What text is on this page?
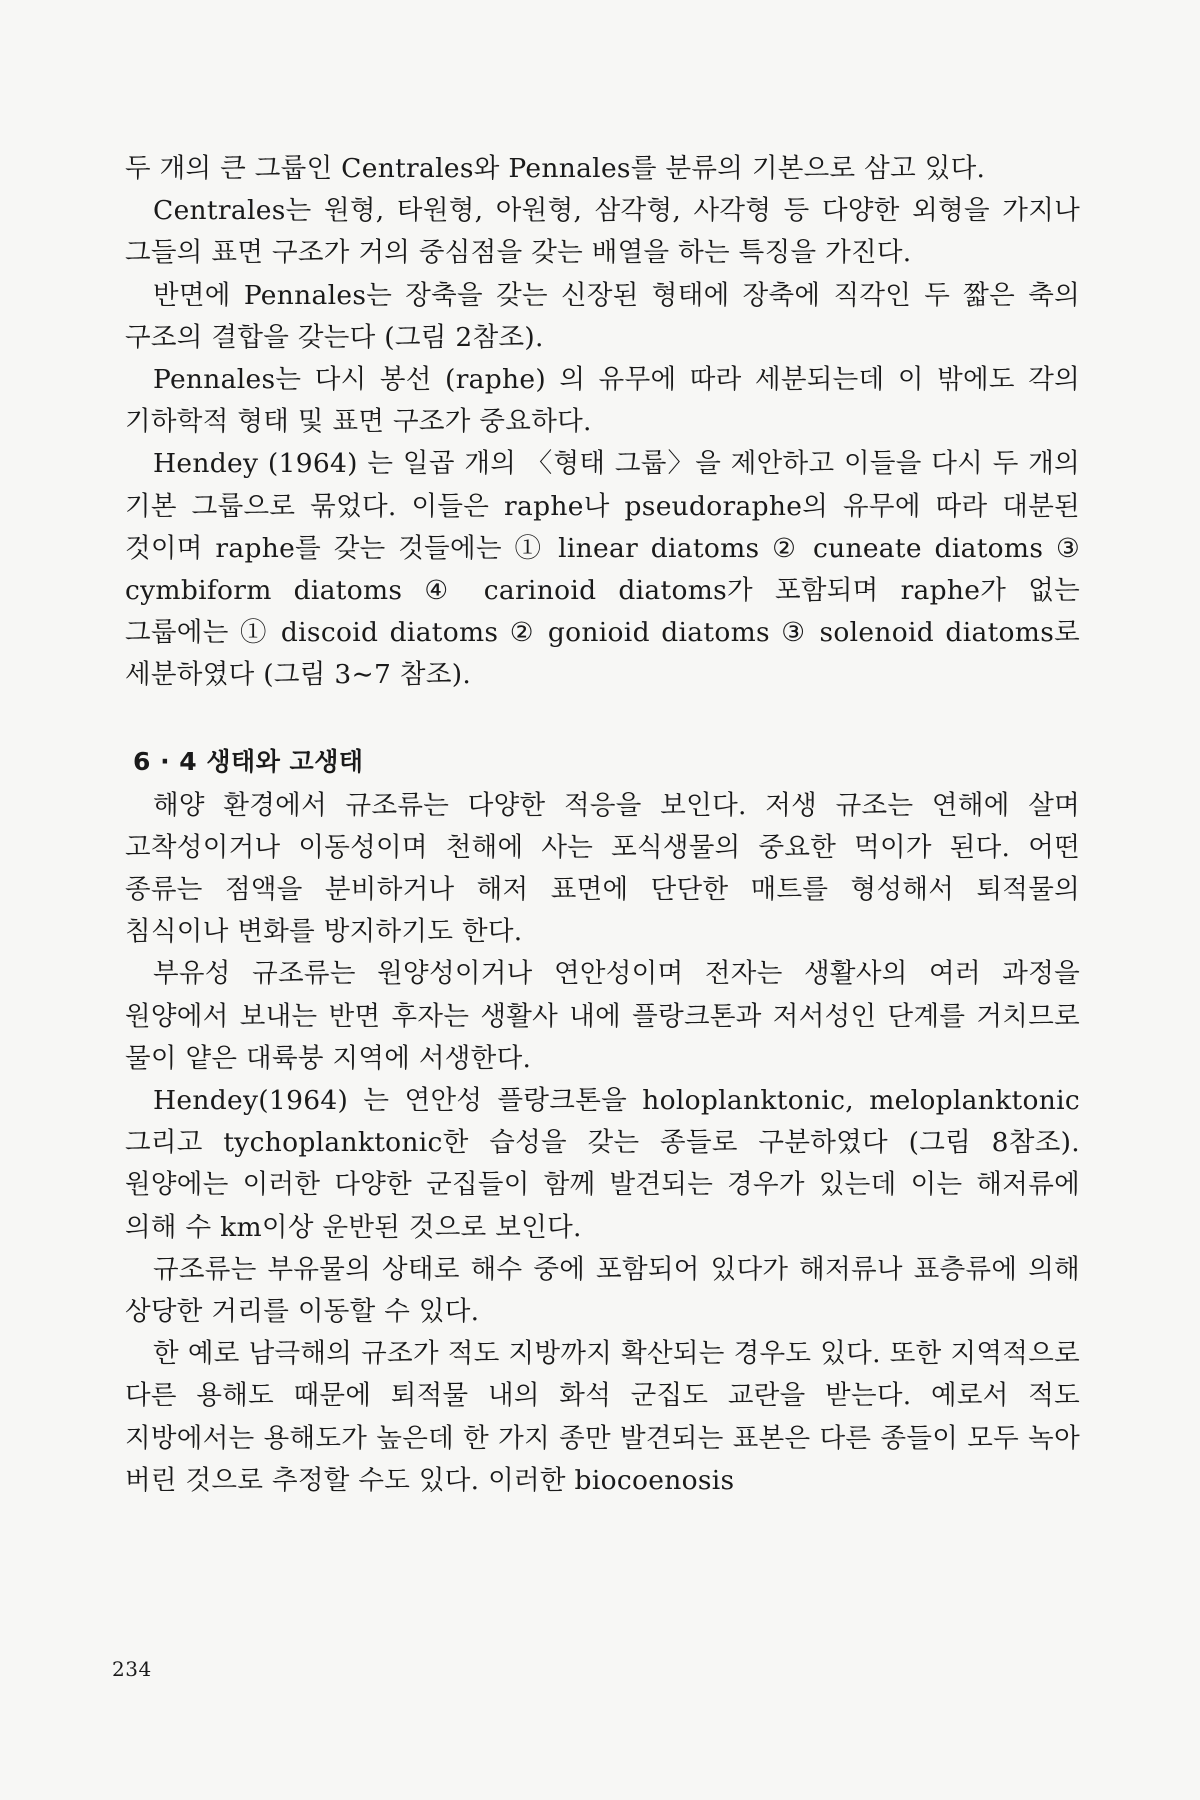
두 개의 큰 그룹인 Centrales와 Pennales를 분류의 기본으로 삼고 있다.

Centrales는 원형, 타원형, 아원형, 삼각형, 사각형 등 다양한 외형을 가지나 그들의 표면 구조가 거의 중심점을 갖는 배열을 하는 특징을 가진다.

반면에 Pennales는 장축을 갖는 신장된 형태에 장축에 직각인 두 짧은 축의 구조의 결합을 갖는다 (그림 2참조).

Pennales는 다시 봉선 (raphe) 의 유무에 따라 세분되는데 이 밖에도 각의 기하학적 형태 및 표면 구조가 중요하다.

Hendey (1964) 는 일곱 개의 〈형태 그룹〉을 제안하고 이들을 다시 두 개의 기본 그룹으로 묶었다. 이들은 raphe나 pseudoraphe의 유무에 따라 대분된 것이며 raphe를 갖는 것들에는 ① linear diatoms ② cuneate diatoms ③ cymbiform diatoms ④ carinoid diatoms가 포함되며 raphe가 없는 그룹에는 ① discoid diatoms ② gonioid diatoms ③ solenoid diatoms로 세분하였다 (그림 3∼7 참조).

6 · 4 생태와 고생태

해양 환경에서 규조류는 다양한 적응을 보인다. 저생 규조는 연해에 살며 고착성이거나 이동성이며 천해에 사는 포식생물의 중요한 먹이가 된다. 어떤 종류는 점액을 분비하거나 해저 표면에 단단한 매트를 형성해서 퇴적물의 침식이나 변화를 방지하기도 한다.

부유성 규조류는 원양성이거나 연안성이며 전자는 생활사의 여러 과정을 원양에서 보내는 반면 후자는 생활사 내에 플랑크톤과 저서성인 단계를 거치므로 물이 얕은 대륙붕 지역에 서생한다.

Hendey(1964) 는 연안성 플랑크톤을 holoplanktonic, meloplanktonic 그리고 tychoplanktonic한 습성을 갖는 종들로 구분하였다 (그림 8참조). 원양에는 이러한 다양한 군집들이 함께 발견되는 경우가 있는데 이는 해저류에 의해 수 km이상 운반된 것으로 보인다.

규조류는 부유물의 상태로 해수 중에 포함되어 있다가 해저류나 표층류에 의해 상당한 거리를 이동할 수 있다.

한 예로 남극해의 규조가 적도 지방까지 확산되는 경우도 있다. 또한 지역적으로 다른 용해도 때문에 퇴적물 내의 화석 군집도 교란을 받는다. 예로서 적도 지방에서는 용해도가 높은데 한 가지 종만 발견되는 표본은 다른 종들이 모두 녹아 버린 것으로 추정할 수도 있다. 이러한 biocoenosis

234
